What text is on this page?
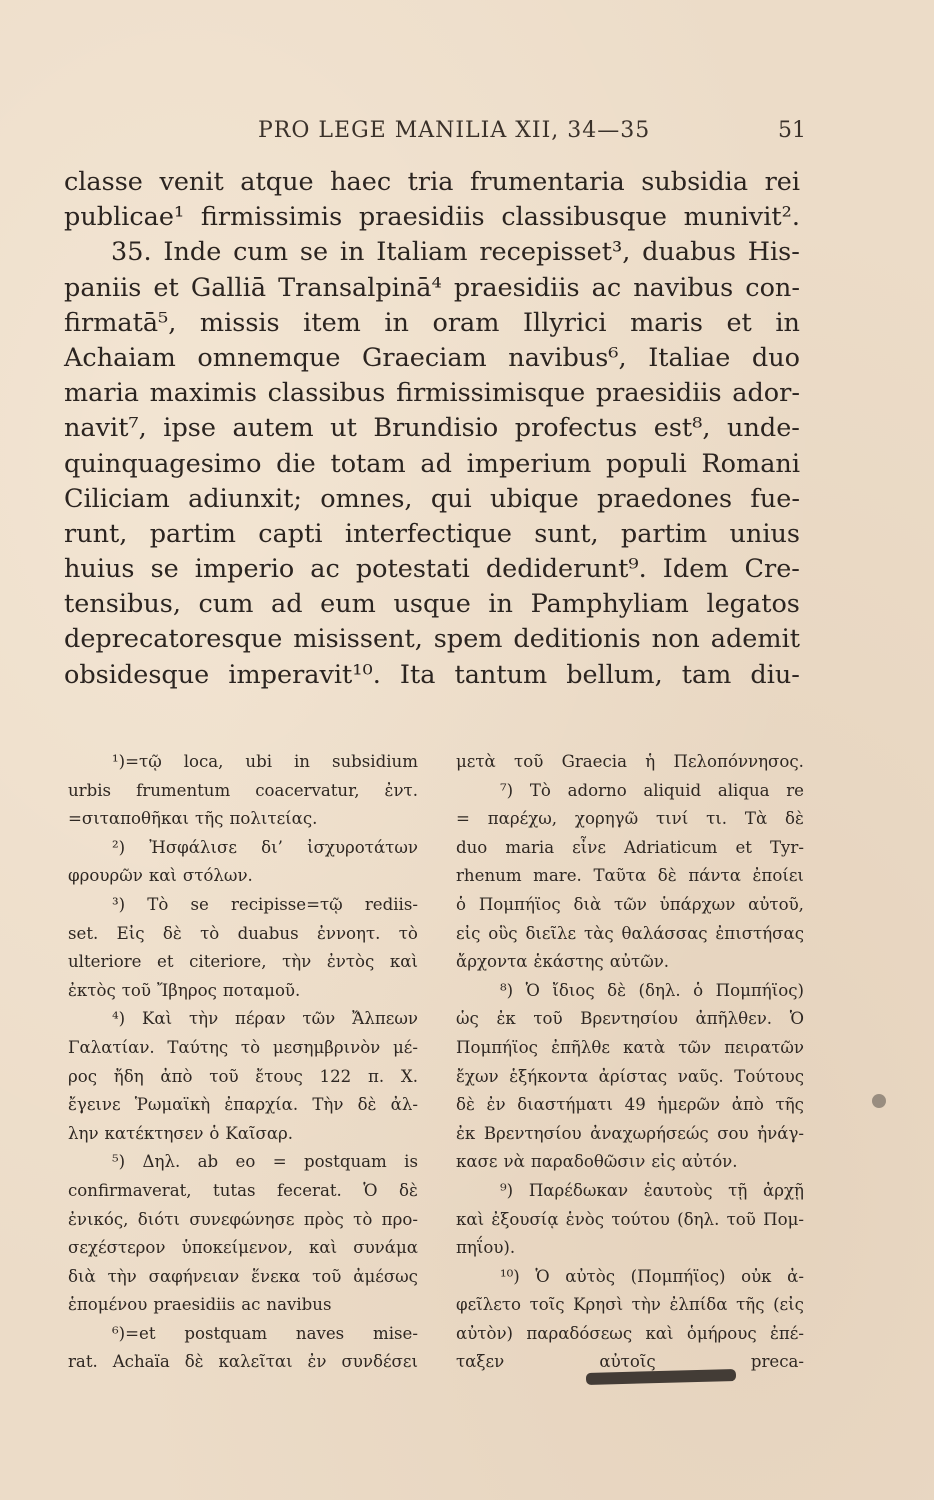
PRO LEGE MANILIA XII, 34—35	51
classe venit atque haec tria frumentaria subsidia rei
publicae¹ firmissimis praesidiis classibusque munivit².
35. Inde cum se in Italiam recepisset³, duabus His-
paniis et Galliā Transalpinā⁴ praesidiis ac navibus con-
firmatā⁵, missis item in oram Illyrici maris et in
Achaiam omnemque Graeciam navibus⁶, Italiae duo
maria maximis classibus firmissimisque praesidiis ador-
navit⁷, ipse autem ut Brundisio profectus est⁸, unde-
quinquagesimo die totam ad imperium populi Romani
Ciliciam adiunxit; omnes, qui ubique praedones fue-
runt, partim capti interfectique sunt, partim unius
huius se imperio ac potestati dediderunt⁹. Idem Cre-
tensibus, cum ad eum usque in Pamphyliam legatos
deprecatoresque misissent, spem deditionis non ademit
obsidesque imperavit¹⁰. Ita tantum bellum, tam diu-
¹)=τῷ loca, ubi in subsidium
urbis frumentum coacervatur, ἐντ.
=σιταποθῆκαι τῆς πολιτείας.
²) Ἠσφάλισε δι’ ἰσχυροτάτων
φρουρῶν καὶ στόλων.
³) Τὸ se recipisse=τῷ rediis-
set. Εἰς δὲ τὸ duabus ἐννοητ. τὸ
ulteriore et citeriore, τὴν ἐντὸς καὶ
ἐκτὸς τοῦ Ἴβηρος ποταμοῦ.
⁴) Καὶ τὴν πέραν τῶν Ἄλπεων
Γαλατίαν. Ταύτης τὸ μεσημβρινὸν μέ-
ρος ἤδη ἀπὸ τοῦ ἔτους 122 π. Χ.
ἔγεινε Ῥωμαϊκὴ ἐπαρχία. Τὴν δὲ ἀλ-
λην κατέκτησεν ὁ Καῖσαρ.
⁵) Δηλ. ab eo = postquam is
confirmaverat, tutas fecerat. Ὁ δὲ
ἐνικός, διότι συνεφώνησε πρὸς τὸ προ-
σεχέστερον ὑποκείμενον, καὶ συνάμα
διὰ τὴν σαφήνειαν ἕνεκα τοῦ ἀμέσως
ἑπομένου praesidiis ac navibus
⁶)=et postquam naves mise-
rat. Achaïa δὲ καλεῖται ἐν συνδέσει
μετὰ τοῦ Graecia ἡ Πελοπόννησος.
⁷) Τὸ adorno aliquid aliqua re
= παρέχω, χορηγῶ τινί τι. Τὰ δὲ
duo maria εἶνε Adriaticum et Tyr-
rhenum mare. Ταῦτα δὲ πάντα ἐποίει
ὁ Πομπήϊος διὰ τῶν ὑπάρχων αὐτοῦ,
εἰς οὓς διεῖλε τὰς θαλάσσας ἐπιστήσας
ἄρχοντα ἑκάστης αὐτῶν.
⁸) Ὁ ἴδιος δὲ (δηλ. ὁ Πομπήϊος)
ὡς ἐκ τοῦ Βρεντησίου ἀπῆλθεν. Ὁ
Πομπήϊος ἐπῆλθε κατὰ τῶν πειρατῶν
ἔχων ἑξήκοντα ἀρίστας ναῦς. Τούτους
δὲ ἐν διαστήματι 49 ἡμερῶν ἀπὸ τῆς
ἐκ Βρεντησίου ἀναχωρήσεώς σου ἠνάγ-
κασε νὰ παραδοθῶσιν εἰς αὐτόν.
⁹) Παρέδωκαν ἑαυτοὺς τῇ ἀρχῇ
καὶ ἐξουσίᾳ ἑνὸς τούτου (δηλ. τοῦ Πομ-
πηΐου).
¹⁰) Ὁ αὐτὸς (Πομπήϊος) οὐκ ἀ-
φεῖλετο τοῖς Κρησὶ τὴν ἐλπίδα τῆς (εἰς
αὐτὸν) παραδόσεως καὶ ὁμήρους ἐπέ-
ταξεν	αὐτοῖς	preca-
